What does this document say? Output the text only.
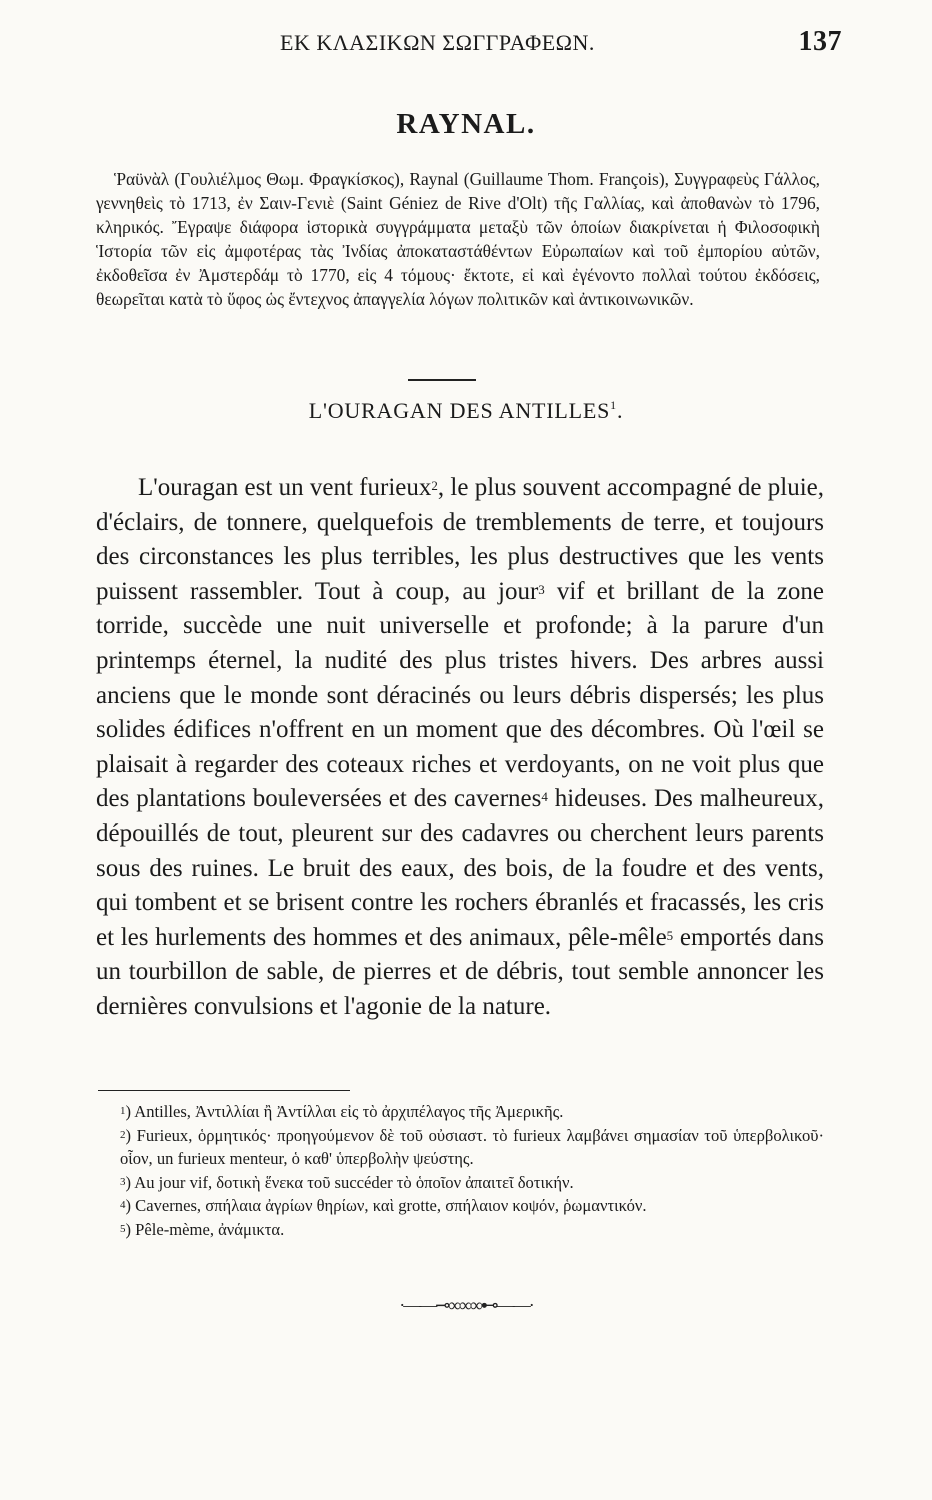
ΕΚ ΚΛΑΣΙΚΩΝ ΣΩΓΓΡΑΦΕΩΝ.	137
RAYNAL.

Ῥαϋνὰλ (Γουλιέλμος Θωμ. Φραγκίσκος), Raynal (Guillaume Thom. François), Συγγραφεὺς Γάλλος, γεννηθεὶς τὸ 1713, ἐν Σαιν-Γενιὲ (Saint Géniez de Rive d'Olt) τῆς Γαλλίας, καὶ ἀποθανὼν τὸ 1796, κληρικός. Ἔγραψε διάφορα ἱστορικὰ συγγράμματα μεταξὺ τῶν ὁποίων διακρίνεται ἡ Φιλοσοφικὴ Ἱστορία τῶν εἰς ἀμφοτέρας τὰς Ἰνδίας ἀποκαταστάθέντων Εὐρωπαίων καὶ τοῦ ἐμπορίου αὐτῶν, ἐκδοθεῖσα ἐν Ἀμστερδάμ τὸ 1770, εἰς 4 τόμους· ἔκτοτε, εἰ καὶ ἐγένοντο πολλαὶ τούτου ἐκδόσεις, θεωρεῖται κατὰ τὸ ὕφος ὡς ἔντεχνος ἀπαγγελία λόγων πολιτικῶν καὶ ἀντικοινωνικῶν.

L'OURAGAN DES ANTILLES$^1$.

L'ouragan est un vent furieux$^2$, le plus souvent accompagné de pluie, d'éclairs, de tonnere, quelquefois de tremblements de terre, et toujours des circonstances les plus terribles, les plus destructives que les vents puissent rassembler. Tout à coup, au jour$^3$ vif et brillant de la zone torride, succède une nuit universelle et profonde; à la parure d'un printemps éternel, la nudité des plus tristes hivers. Des arbres aussi anciens que le monde sont déracinés ou leurs débris dispersés; les plus solides édifices n'offrent en un moment que des décombres. Où l'œil se plaisait à regarder des coteaux riches et verdoyants, on ne voit plus que des plantations bouleversées et des cavernes$^4$ hideuses. Des malheureux, dépouillés de tout, pleurent sur des cadavres ou cherchent leurs parents sous des ruines. Le bruit des eaux, des bois, de la foudre et des vents, qui tombent et se brisent contre les rochers ébranlés et fracassés, les cris et les hurlements des hommes et des animaux, pêle-mêle$^5$ emportés dans un tourbillon de sable, de pierres et de débris, tout semble annoncer les dernières convulsions et l'agonie de la nature.

$^1$) Antilles, Ἀντιλλίαι ἢ Ἀντίλλαι εἰς τὸ ἀρχιπέλαγος τῆς Ἀμερικῆς.

$^2$) Furieux, ὁρμητικός· προηγούμενον δὲ τοῦ οὐσιαστ. τὸ furieux λαμβάνει σημασίαν τοῦ ὑπερβολικοῦ· οἷον, un furieux menteur, ὁ καθ' ὑπερβολὴν ψεύστης.

$^3$) Au jour vif, δοτικὴ ἕνεκα τοῦ succéder τὸ ὁποῖον ἀπαιτεῖ δοτικήν.

$^4$) Cavernes, σπήλαια ἀγρίων θηρίων, καὶ grotte, σπήλαιον κοψόν, ῥωμαντικόν.

$^5$) Pêle-mème, ἀνάμικτα.

·——⊸∞∞∞⊷——·
